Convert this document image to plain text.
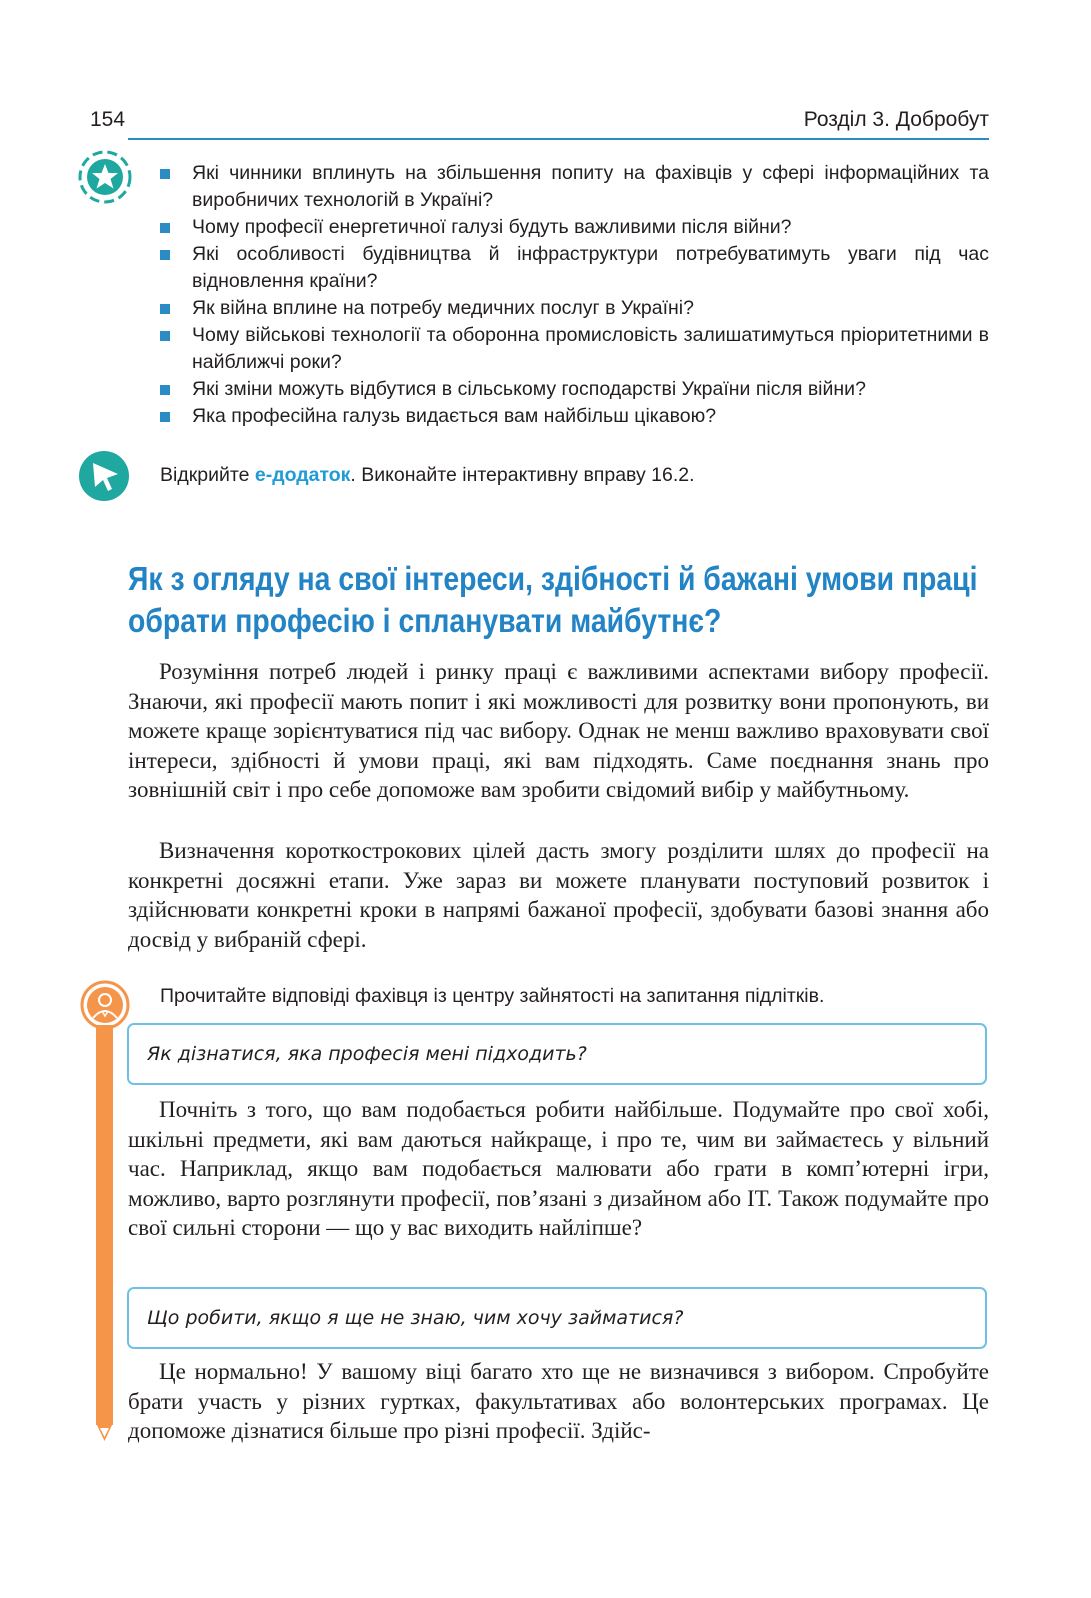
154	Розділ 3. Добробут
Які чинники вплинуть на збільшення попиту на фахівців у сфері інформаційних та виробничих технологій в Україні?
Чому професії енергетичної галузі будуть важливими після війни?
Які особливості будівництва й інфраструктури потребуватимуть уваги під час відновлення країни?
Як війна вплине на потребу медичних послуг в Україні?
Чому військові технології та оборонна промисловість залишатимуться пріоритетними в найближчі роки?
Які зміни можуть відбутися в сільському господарстві України після війни?
Яка професійна галузь видається вам найбільш цікавою?
Відкрийте е-додаток. Виконайте інтерактивну вправу 16.2.
Як з огляду на свої інтереси, здібності й бажані умови праці обрати професію і спланувати майбутнє?

Розуміння потреб людей і ринку праці є важливими аспектами вибору професії. Знаючи, які професії мають попит і які можливості для розвитку вони пропонують, ви можете краще зорієнтуватися під час вибору. Однак не менш важливо враховувати свої інтереси, здібності й умови праці, які вам підходять. Саме поєднання знань про зовнішній світ і про себе допоможе вам зробити свідомий вибір у майбутньому.

Визначення короткострокових цілей дасть змогу розділити шлях до професії на конкретні досяжні етапи. Уже зараз ви можете планувати поступовий розвиток і здійснювати конкретні кроки в напрямі бажаної професії, здобувати базові знання або досвід у вибраній сфері.

Прочитайте відповіді фахівця із центру зайнятості на запитання підлітків.
Як дізнатися, яка професія мені підходить?

Почніть з того, що вам подобається робити найбільше. Подумайте про свої хобі, шкільні предмети, які вам даються найкраще, і про те, чим ви займаєтесь у вільний час. Наприклад, якщо вам подобається малювати або грати в комп’ютерні ігри, можливо, варто розглянути професії, пов’язані з дизайном або ІТ. Також подумайте про свої сильні сторони — що у вас виходить найліпше?

Що робити, якщо я ще не знаю, чим хочу займатися?

Це нормально! У вашому віці багато хто ще не визначився з вибором. Спробуйте брати участь у різних гуртках, факультативах або волонтерських програмах. Це допоможе дізнатися більше про різні професії. Здійс-
